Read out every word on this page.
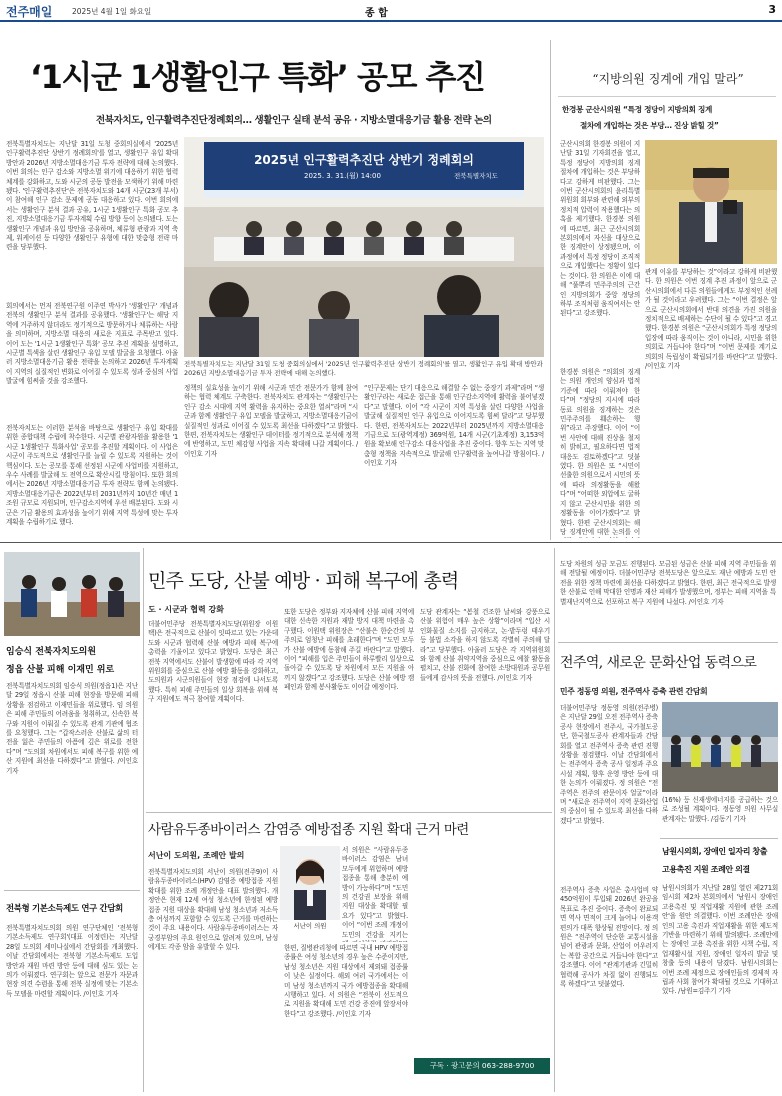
전주매일	2025년 4월 1일 화요일	종 합	3
‘1시군 1생활인구 특화’ 공모 추진
전북자치도, 인구활력추진단정례회의… 생활인구 실태 분석 공유 · 지방소멸대응기금 활용 전략 논의
2025년 인구활력추진단 상반기 정례회의
2025. 3. 31.(월) 14:00	전북특별자치도
전북특별자치도는 지난달 31일 도청 중회의실에서 '2025년 인구활력추진단 상반기 정례회의'를 열고, 생활인구 유입 확대 방안과 2026년 지방소멸대응기금 투자 전략에 대해 논의했다.
전북특별자치도는 지난달 31일 도청 중회의실에서 '2025년 인구활력추진단 상반기 정례회의'를 열고, 생활인구 유입 확대 방안과 2026년 지방소멸대응기금 투자 전략에 대해 논의했다. 이번 회의는 인구 감소와 지방소멸 위기에 대응하기 위한 협력 체계를 강화하고, 도와 시군의 공동 발전을 모색하기 위해 마련됐다. '인구활력추진단'은 전북자치도와 14개 시군(23개 부서)이 참여해 인구 감소 문제에 공동 대응하고 있다. 이번 회의에서는 생활인구 분석 결과 공유, 1시군 1생활인구 특화 공모 추진, 지방소멸대응기금 투자계획 수립 방향 등이 논의됐다. 도는 생활인구 개념과 유입 방안을 공유하며, 체류형 관광과 지역 축제, 워케이션 등 다양한 생활인구 유형에 대한 맞춤형 전략 마련을 당부했다.
회의에서는 먼저 전북연구원 이주연 박사가 '생활인구' 개념과 전북의 생활인구 분석 결과를 공유했다. '생활인구'는 해당 지역에 거주하지 않더라도 정기적으로 방문하거나 체류하는 사람을 의미하며, 지방소멸 대응의 새로운 지표로 주목받고 있다. 이어 도는 '1시군 1생활인구 특화' 공모 추진 계획을 설명하고, 시군별 특색을 살린 생활인구 유입 모델 발굴을 요청했다. 아울러 지방소멸대응기금 활용 전략을 논의하고 2026년 투자계획이 지역의 실질적인 변화로 이어질 수 있도록 성과 중심의 사업 발굴에 힘써줄 것을 강조했다.
전북자치도는 이러한 분석을 바탕으로 생활인구 유입 확대를 위한 종합대책 수립에 착수한다. 시군별 관광자원을 활용한 '1시군 1생활인구 특화사업' 공모를 추진할 계획이다. 이 사업은 시군이 주도적으로 생활인구를 늘릴 수 있도록 지원하는 것이 핵심이다. 도는 공모를 통해 선정된 시군에 사업비를 지원하고, 우수 사례를 발굴해 도 전역으로 확산시킬 방침이다. 또한 회의에서는 2026년 지방소멸대응기금 투자 전략도 함께 논의됐다. 지방소멸대응기금은 2022년부터 2031년까지 10년간 매년 1조원 규모로 지원되며, 인구감소지역에 우선 배분된다. 도와 시군은 기금 활용의 효과성을 높이기 위해 지역 특성에 맞는 투자계획을 수립하기로 했다.
정책의 실효성을 높이기 위해 시군과 민간 전문가가 함께 참여하는 협력 체계도 구축한다. 전북자치도 관계자는 “생활인구는 인구 감소 시대에 지역 활력을 유지하는 중요한 열쇠”라며 “시군과 함께 생활인구 유입 모델을 발굴하고, 지방소멸대응기금이 실질적인 성과로 이어질 수 있도록 최선을 다하겠다”고 밝혔다. 한편, 전북자치도는 생활인구 데이터를 정기적으로 분석해 정책에 반영하고, 도민 체감형 사업을 지속 확대해 나갈 계획이다. /이인호 기자
“인구문제는 단기 대응으로 해결할 수 없는 중장기 과제”라며 “생활인구라는 새로운 접근을 통해 인구감소지역에 활력을 불어넣겠다”고 말했다. 이어 “각 시군이 지역 특성을 살린 다양한 사업을 발굴해 실질적인 인구 유입으로 이어지도록 힘써 달라”고 당부했다. 한편, 전북자치도는 2022년부터 2025년까지 지방소멸대응기금으로 도(광역계정) 369억원, 14개 시군(기초계정) 3,153억원을 확보해 인구감소 대응사업을 추진 중이다. 향후 도는 지역 맞춤형 정책을 지속적으로 발굴해 인구활력을 높여나갈 방침이다. /이인호 기자
“지방의원 징계에 개입 말라”
한경봉 군산시의원 “특정 정당이 지방의회 징계
절차에 개입하는 것은 부당… 진상 밝힐 것”
군산시의회 한경봉 의원이 지난달 31일 기자회견을 열고, 특정 정당이 지방의회 징계 절차에 개입하는 것은 부당하다고 강하게 비판했다. 그는 이번 군산시의회의 윤리특별위원회 회부와 관련해 외부의 정치적 압력이 작용했다는 의혹을 제기했다. 한경봉 의원에 따르면, 최근 군산시의회 본회의에서 자신을 대상으로 한 징계안이 상정됐으며, 이 과정에서 특정 정당이 조직적으로 개입했다는 정황이 있다는 것이다. 한 의원은 이에 대해 “풀뿌리 민주주의의 근간인 지방의회가 중앙 정당의 하부 조직처럼 움직여서는 안 된다”고 강조했다.
한경봉 의원은 “의회의 징계는 의원 개인의 양심과 법적 기준에 따라 이뤄져야 한다”며 “정당의 지시에 따라 동료 의원을 징계하는 것은 민주주의를 훼손하는 행위”라고 주장했다. 이어 “이번 사안에 대해 진상을 철저히 밝히고, 필요하다면 법적 대응도 검토하겠다”고 덧붙였다. 한 의원은 또 “시민이 선출한 의원으로서 시민의 뜻에 따라 의정활동을 해왔다”며 “어떠한 외압에도 굴하지 않고 군산시민을 위한 의정활동을 이어가겠다”고 밝혔다. 한편 군산시의회는 해당 징계안에 대한 논의를 이
관계 이유를 부당하는 것”이라고 강하게 비판했다. 한 의원은 이번 징계 추진 과정이 앞으로 군산시의회에서 다른 의원들에게도 부정적인 선례가 될 것이라고 우려했다. 그는 “이번 결정은 앞으로 군산시의회에서 반대 의견을 가진 의원을 정치적으로 배제하는 수단이 될 수 있다”고 경고했다. 한경봉 의원은 “군산시의회가 특정 정당의 입장에 따라 움직이는 것이 아니라, 시민을 위한 의회로 거듭나야 한다”며 “이번 문제를 계기로 의회의 독립성이 확립되기를 바란다”고 말했다. /이인호 기자
민주 도당, 산불 예방 · 피해 복구에 총력
도 · 시군과 협력 강화
더불어민주당 전북특별자치도당(위원장 이원택)은 전국적으로 산불이 잇따르고 있는 가운데 도와 시군과 협력해 산불 예방과 피해 복구에 총력을 기울이고 있다고 밝혔다. 도당은 최근 전북 지역에서도 산불이 발생함에 따라 각 지역위원회를 중심으로 산불 예방 활동을 강화하고, 도의원과 시군의원들이 현장 점검에 나서도록 했다. 특히 피해 주민들의 일상 회복을 위해 복구 지원에도 적극 참여할 계획이다.
또한 도당은 정부와 지자체에 산불 피해 지역에 대한 신속한 지원과 재발 방지 대책 마련을 촉구했다. 이원택 위원장은 “산불은 한순간의 부주의로 엄청난 피해를 초래한다”며 “도민 모두가 산불 예방에 동참해 주길 바란다”고 말했다. 이어 “피해를 입은 주민들이 하루빨리 일상으로 돌아갈 수 있도록 당 차원에서 모든 지원을 아끼지 않겠다”고 강조했다. 도당은 산불 예방 캠페인과 함께 봉사활동도 이어갈 예정이다.
도당 관계자는 “봄철 건조한 날씨와 강풍으로 산불 위험이 매우 높은 상황”이라며 “입산 시 인화물질 소지를 금지하고, 논·밭두렁 태우기 등 불법 소각을 하지 않도록 각별히 주의해 달라”고 당부했다. 아울러 도당은 각 지역위원회와 함께 산불 취약지역을 중심으로 예찰 활동을 펼치고, 산불 진화에 참여한 소방대원과 공무원들에게 감사의 뜻을 전했다. /이인호 기자
임승식 전북자치도의원
정읍 산불 피해 이재민 위로
전북특별자치도의회 임승식 의원(정읍1)은 지난달 29일 정읍시 산불 피해 현장을 방문해 피해 상황을 점검하고 이재민들을 위로했다. 임 의원은 피해 주민들의 어려움을 청취하고, 신속한 복구와 지원이 이뤄질 수 있도록 관계 기관에 협조를 요청했다. 그는 “갑작스러운 산불로 삶의 터전을 잃은 주민들의 아픔에 깊은 위로를 전한다”며 “도의회 차원에서도 피해 복구를 위한 예산 지원에 최선을 다하겠다”고 밝혔다. /이인호 기자
전북형 기본소득제도 연구 간담회
전북특별자치도의회 의원 연구단체인 '전북형 기본소득제도 연구회'(대표 이정린)는 지난달 28일 도의회 세미나실에서 간담회를 개최했다. 이날 간담회에서는 전북형 기본소득제도 도입 방안과 재원 마련 방안 등에 대해 심도 있는 논의가 이뤄졌다. 연구회는 앞으로 전문가 자문과 현장 의견 수렴을 통해 전북 실정에 맞는 기본소득 모델을 마련할 계획이다. /이인호 기자
사람유두종바이러스 감염증 예방접종 지원 확대 근거 마련
서난이 도의원, 조례안 발의
전북특별자치도의회 서난이 의원(전주9)이 사람유두종바이러스(HPV) 감염증 예방접종 지원 확대를 위한 조례 개정안을 대표 발의했다. 개정안은 현재 12세 여성 청소년에 한정된 예방접종 지원 대상을 확대해 남성 청소년과 저소득층 여성까지 포함할 수 있도록 근거를 마련하는 것이 주요 내용이다. 사람유두종바이러스는 자궁경부암의 주요 원인으로 알려져 있으며, 남성에게도 각종 암을 유발할 수 있다.
서난이 의원
서 의원은 “사람유두종바이러스 감염은 남녀 모두에게 위험하며 예방접종을 통해 충분히 예방이 가능하다”며 “도민의 건강권 보장을 위해 지원 대상을 확대할 필요가 있다”고 밝혔다. 이어 “이번 조례 개정이 도민의 건강을 지키는
한편, 질병관리청에 따르면 국내 HPV 예방접종률은 여성 청소년의 경우 높은 수준이지만, 남성 청소년은 지원 대상에서 제외돼 접종률이 낮은 실정이다. 해외 여러 국가에서는 이미 남성 청소년까지 국가 예방접종을 확대해 시행하고 있다. 서 의원은 “전북이 선도적으로 지원을 확대해 도민 건강 증진에 앞장서야 한다”고 강조했다. /이인호 기자
구독 · 광고문의 063-288-9700
도당 차원의 성금 모금도 진행된다. 모금된 성금은 산불 피해 지역 주민들을 위해 전달될 예정이다. 더불어민주당 전북도당은 앞으로도 재난 예방과 도민 안전을 위한 정책 마련에 최선을 다하겠다고 밝혔다. 한편, 최근 전국적으로 발생한 산불로 인해 막대한 인명과 재산 피해가 발생했으며, 정부는 피해 지역을 특별재난지역으로 선포하고 복구 지원에 나섰다. /이인호 기자
전주역, 새로운 문화산업 동력으로
민주 정동영 의원, 전주역사 증축 관련 간담회
더불어민주당 정동영 의원(전주병)은 지난달 29일 오전 전주역사 증축 공사 현장에서 전주시, 국가철도공단, 한국철도공사 관계자들과 간담회를 열고 전주역사 증축 관련 진행 상황을 점검했다. 이날 간담회에서는 전주역사 증축 공사 일정과 주요 시설 계획, 향후 운영 방안 등에 대한 논의가 이뤄졌다. 정 의원은 “전주역은 전주의 관문이자 얼굴”이라며 “새로운 전주역이 지역 문화산업의 중심이 될 수 있도록 최선을 다하겠다”고 밝혔다.
전주역사 증축 사업은 총사업비 약 450억원이 투입돼 2026년 완공을 목표로 추진 중이다. 증축이 완료되면 역사 면적이 크게 늘어나 이용객 편의가 대폭 향상될 전망이다. 정 의원은 “전주역이 단순한 교통시설을 넘어 관광과 문화, 산업이 어우러지는 복합 공간으로 거듭나야 한다”고 강조했다. 이어 “관계기관과 긴밀히 협력해 공사가 차질 없이 진행되도록 하겠다”고 덧붙였다.
(16%) 등 신재생에너지를 공급하는 것으로 조성될 계획이다. 정동영 의원 사무실 관계자는 말했다. /김동기 기자
남원시의회, 장애인 일자리 창출
고용촉진 지원 조례안 의결
남원시의회가 지난달 28일 열린 제271회 임시회 제2차 본회의에서 '남원시 장애인 고용촉진 및 직업재활 지원에 관한 조례안'을 원안 의결했다. 이번 조례안은 장애인의 고용 촉진과 직업재활을 위한 제도적 기반을 마련하기 위해 발의됐다. 조례안에는 장애인 고용 촉진을 위한 시책 수립, 직업재활시설 지원, 장애인 일자리 발굴 및 창출 등의 내용이 담겼다. 남원시의회는 이번 조례 제정으로 장애인들의 경제적 자립과 사회 참여가 확대될 것으로 기대하고 있다. /남원=김주기 기자
